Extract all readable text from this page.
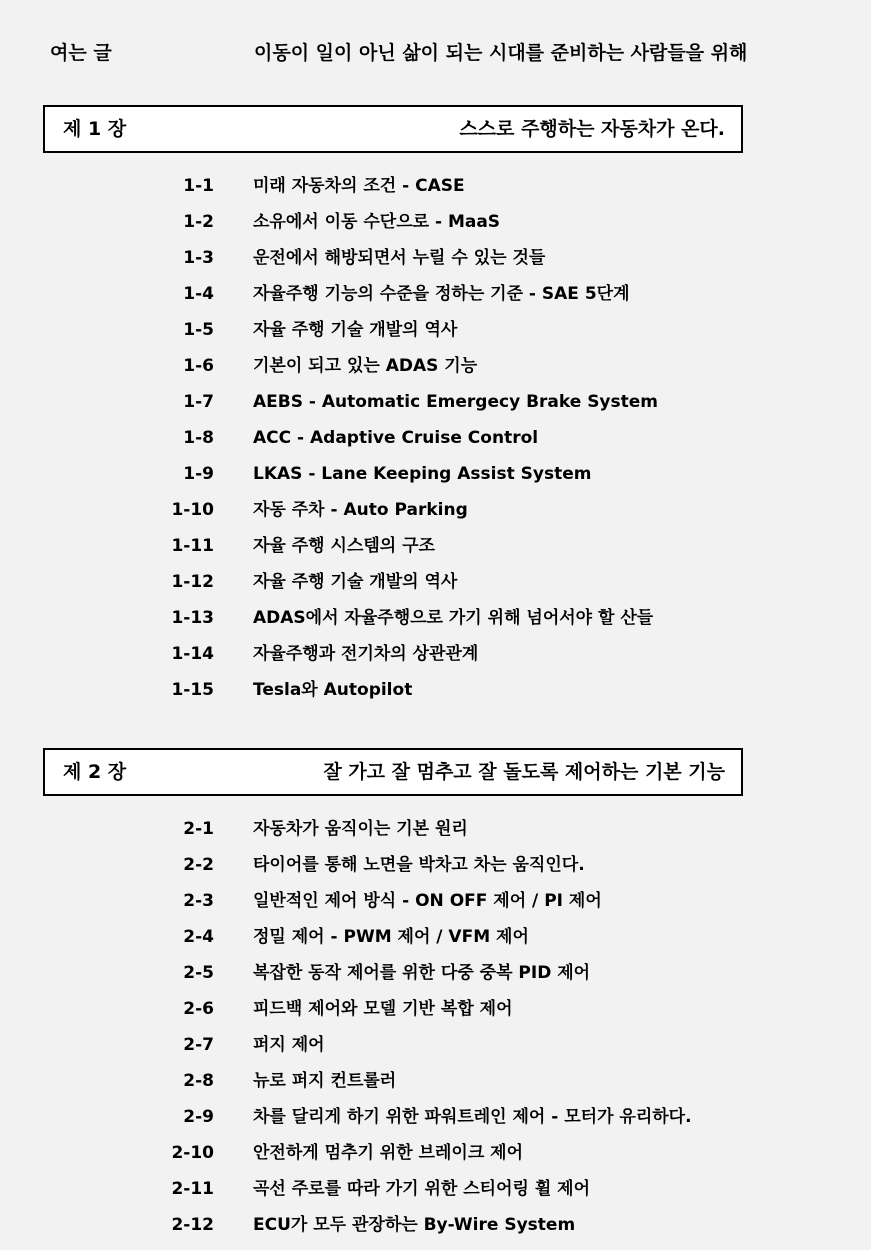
여는 글	이동이 일이 아닌 삶이 되는 시대를 준비하는 사람들을 위해
제 1 장	스스로 주행하는 자동차가 온다.
1-1 미래 자동차의 조건 - CASE
1-2 소유에서 이동 수단으로 - MaaS
1-3 운전에서 해방되면서 누릴 수 있는 것들
1-4 자율주행 기능의 수준을 정하는 기준 - SAE 5단계
1-5 자율 주행 기술 개발의 역사
1-6 기본이 되고 있는 ADAS 기능
1-7 AEBS - Automatic Emergecy Brake System
1-8 ACC - Adaptive Cruise Control
1-9 LKAS - Lane Keeping Assist System
1-10 자동 주차 - Auto Parking
1-11 자율 주행 시스템의 구조
1-12 자율 주행 기술 개발의 역사
1-13 ADAS에서 자율주행으로 가기 위해 넘어서야 할 산들
1-14 자율주행과 전기차의 상관관계
1-15 Tesla와 Autopilot
제 2 장	잘 가고 잘 멈추고 잘 돌도록 제어하는 기본 기능
2-1 자동차가 움직이는 기본 원리
2-2 타이어를 통해 노면을 박차고 차는 움직인다.
2-3 일반적인 제어 방식 - ON OFF 제어 / PI 제어
2-4 정밀 제어 - PWM 제어 / VFM 제어
2-5 복잡한 동작 제어를 위한 다중 중복 PID 제어
2-6 피드백 제어와 모델 기반 복합 제어
2-7 퍼지 제어
2-8 뉴로 퍼지 컨트롤러
2-9 차를 달리게 하기 위한 파워트레인 제어 - 모터가 유리하다.
2-10 안전하게 멈추기 위한 브레이크 제어
2-11 곡선 주로를 따라 가기 위한 스티어링 휠 제어
2-12 ECU가 모두 관장하는 By-Wire System
